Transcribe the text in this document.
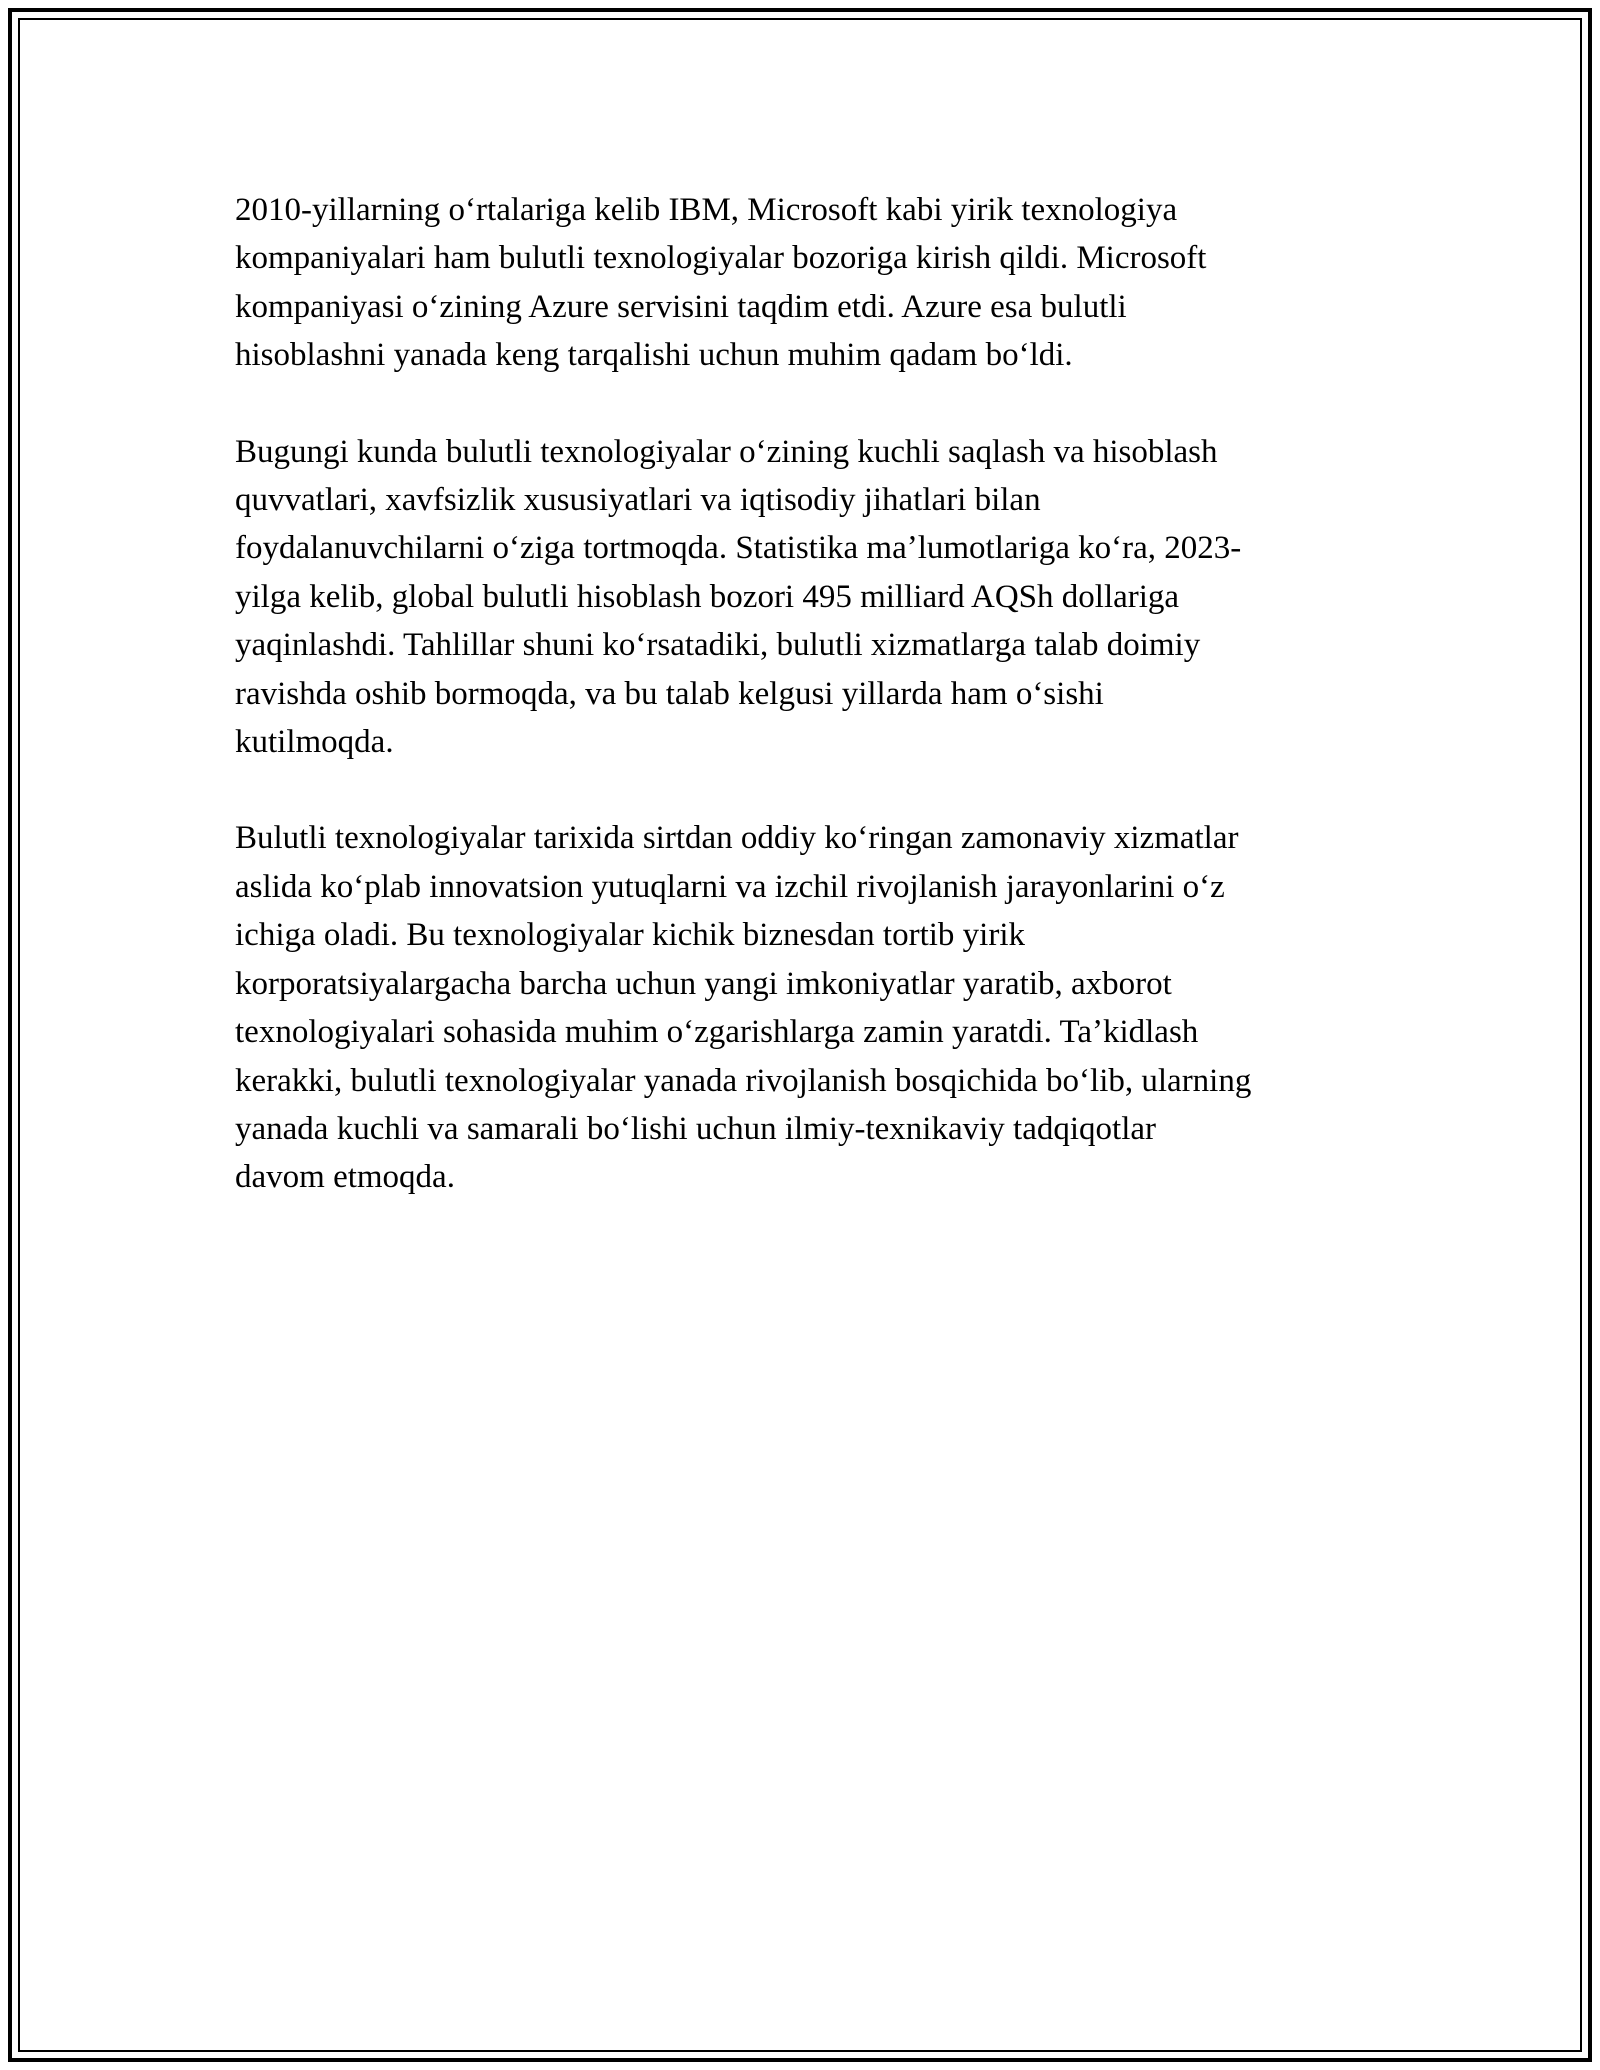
2010-yillarning oʻrtalariga kelib IBM, Microsoft kabi yirik texnologiya
kompaniyalari ham bulutli texnologiyalar bozoriga kirish qildi. Microsoft
kompaniyasi oʻzining Azure servisini taqdim etdi. Azure esa bulutli
hisoblashni yanada keng tarqalishi uchun muhim qadam boʻldi.

Bugungi kunda bulutli texnologiyalar oʻzining kuchli saqlash va hisoblash
quvvatlari, xavfsizlik xususiyatlari va iqtisodiy jihatlari bilan
foydalanuvchilarni oʻziga tortmoqda. Statistika maʼlumotlariga koʻra, 2023-
yilga kelib, global bulutli hisoblash bozori 495 milliard AQSh dollariga
yaqinlashdi. Tahlillar shuni koʻrsatadiki, bulutli xizmatlarga talab doimiy
ravishda oshib bormoqda, va bu talab kelgusi yillarda ham oʻsishi
kutilmoqda.

Bulutli texnologiyalar tarixida sirtdan oddiy koʻringan zamonaviy xizmatlar
aslida koʻplab innovatsion yutuqlarni va izchil rivojlanish jarayonlarini oʻz
ichiga oladi. Bu texnologiyalar kichik biznesdan tortib yirik
korporatsiyalargacha barcha uchun yangi imkoniyatlar yaratib, axborot
texnologiyalari sohasida muhim oʻzgarishlarga zamin yaratdi. Taʼkidlash
kerakki, bulutli texnologiyalar yanada rivojlanish bosqichida boʻlib, ularning
yanada kuchli va samarali boʻlishi uchun ilmiy-texnikaviy tadqiqotlar
davom etmoqda.
